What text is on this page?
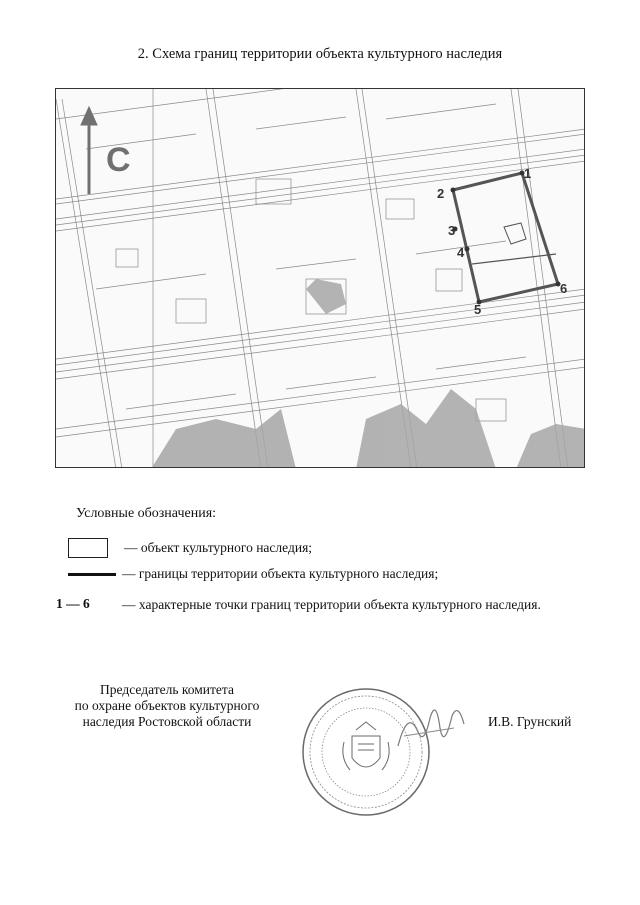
2. Схема границ территории объекта культурного наследия
С	1
2
3
4
5
6
Условные обозначения:
— объект культурного наследия;
— границы территории объекта культурного наследия;
1 — 6 — характерные точки границ территории объекта культурного наследия.
Председатель комитета
по охране объектов культурного
наследия Ростовской области	И.В. Грунский
